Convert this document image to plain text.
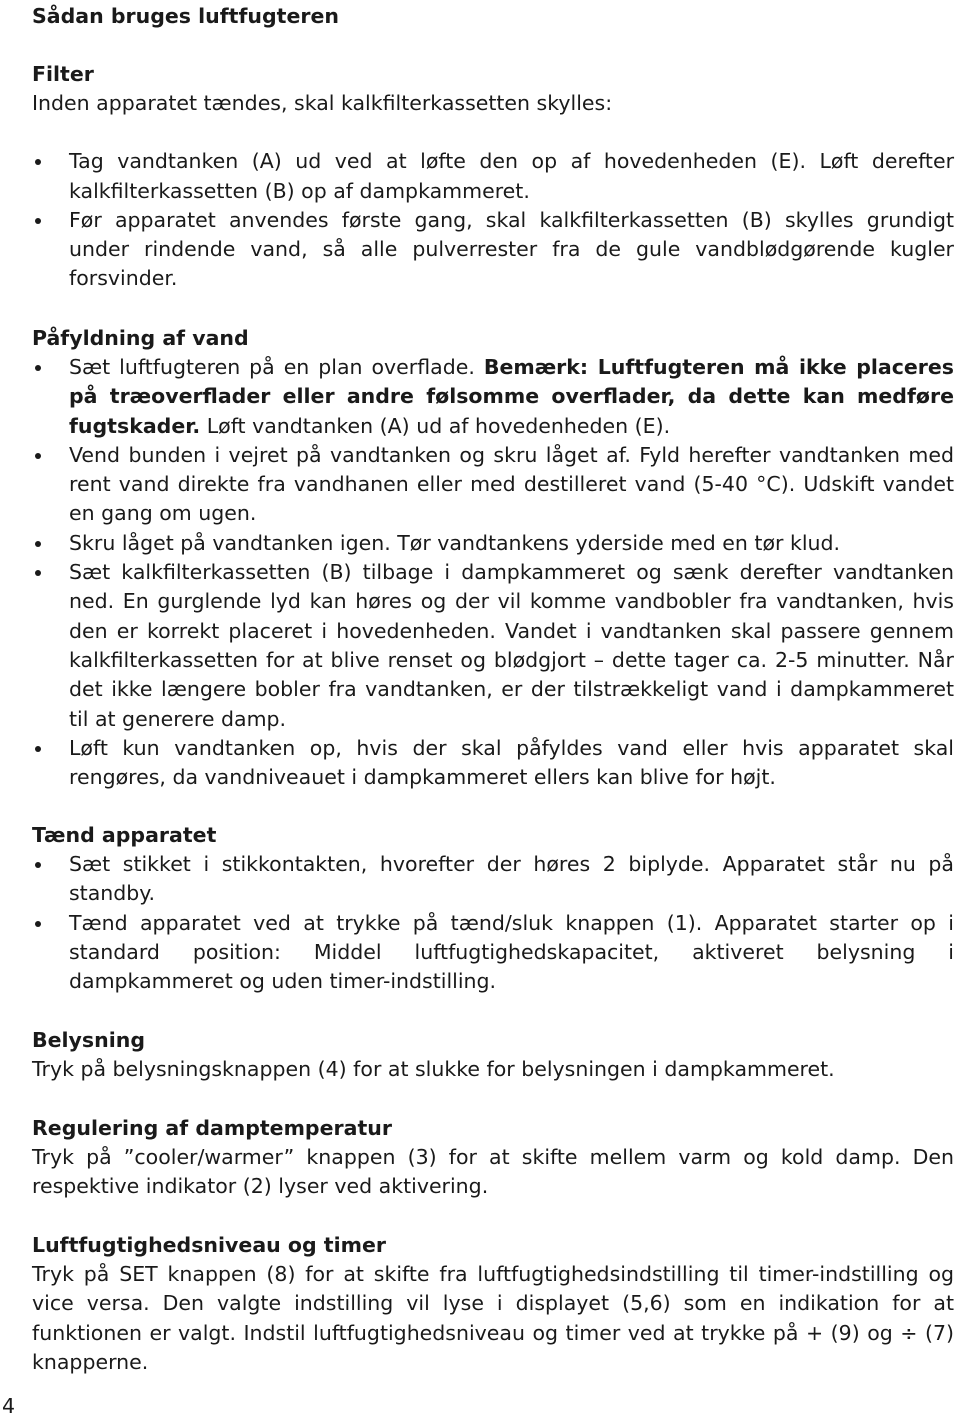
Sådan bruges luftfugteren
Filter

Inden apparatet tændes, skal kalkfilterkassetten skylles:

Tag vandtanken (A) ud ved at løfte den op af hovedenheden (E). Løft derefter kalkfilterkassetten (B) op af dampkammeret.
Før apparatet anvendes første gang, skal kalkfilterkassetten (B) skylles grundigt under rindende vand, så alle pulverrester fra de gule vandblødgørende kugler forsvinder.
Påfyldning af vand
Sæt luftfugteren på en plan overflade. Bemærk: Luftfugteren må ikke placeres på træoverflader eller andre følsomme overflader, da dette kan medføre fugtskader. Løft vandtanken (A) ud af hovedenheden (E).
Vend bunden i vejret på vandtanken og skru låget af. Fyld herefter vandtanken med rent vand direkte fra vandhanen eller med destilleret vand (5-40 °C). Udskift vandet en gang om ugen.
Skru låget på vandtanken igen. Tør vandtankens yderside med en tør klud.
Sæt kalkfilterkassetten (B) tilbage i dampkammeret og sænk derefter vandtanken ned. En gurglende lyd kan høres og der vil komme vandbobler fra vandtanken, hvis den er korrekt placeret i hovedenheden. Vandet i vandtanken skal passere gennem kalkfilterkassetten for at blive renset og blødgjort – dette tager ca. 2-5 minutter. Når det ikke længere bobler fra vandtanken, er der tilstrækkeligt vand i dampkammeret til at generere damp.
Løft kun vandtanken op, hvis der skal påfyldes vand eller hvis apparatet skal rengøres, da vandniveauet i dampkammeret ellers kan blive for højt.
Tænd apparatet
Sæt stikket i stikkontakten, hvorefter der høres 2 biplyde. Apparatet står nu på standby.
Tænd apparatet ved at trykke på tænd/sluk knappen (1). Apparatet starter op i standard position: Middel luftfugtighedskapacitet, aktiveret belysning i dampkammeret og uden timer-indstilling.
Belysning

Tryk på belysningsknappen (4) for at slukke for belysningen i dampkammeret.

Regulering af damptemperatur

Tryk på ”cooler/warmer” knappen (3) for at skifte mellem varm og kold damp. Den respektive indikator (2) lyser ved aktivering.

Luftfugtighedsniveau og timer

Tryk på SET knappen (8) for at skifte fra luftfugtighedsindstilling til timer-indstilling og vice versa. Den valgte indstilling vil lyse i displayet (5,6) som en indikation for at funktionen er valgt. Indstil luftfugtighedsniveau og timer ved at trykke på + (9) og ÷ (7) knapperne.

4
